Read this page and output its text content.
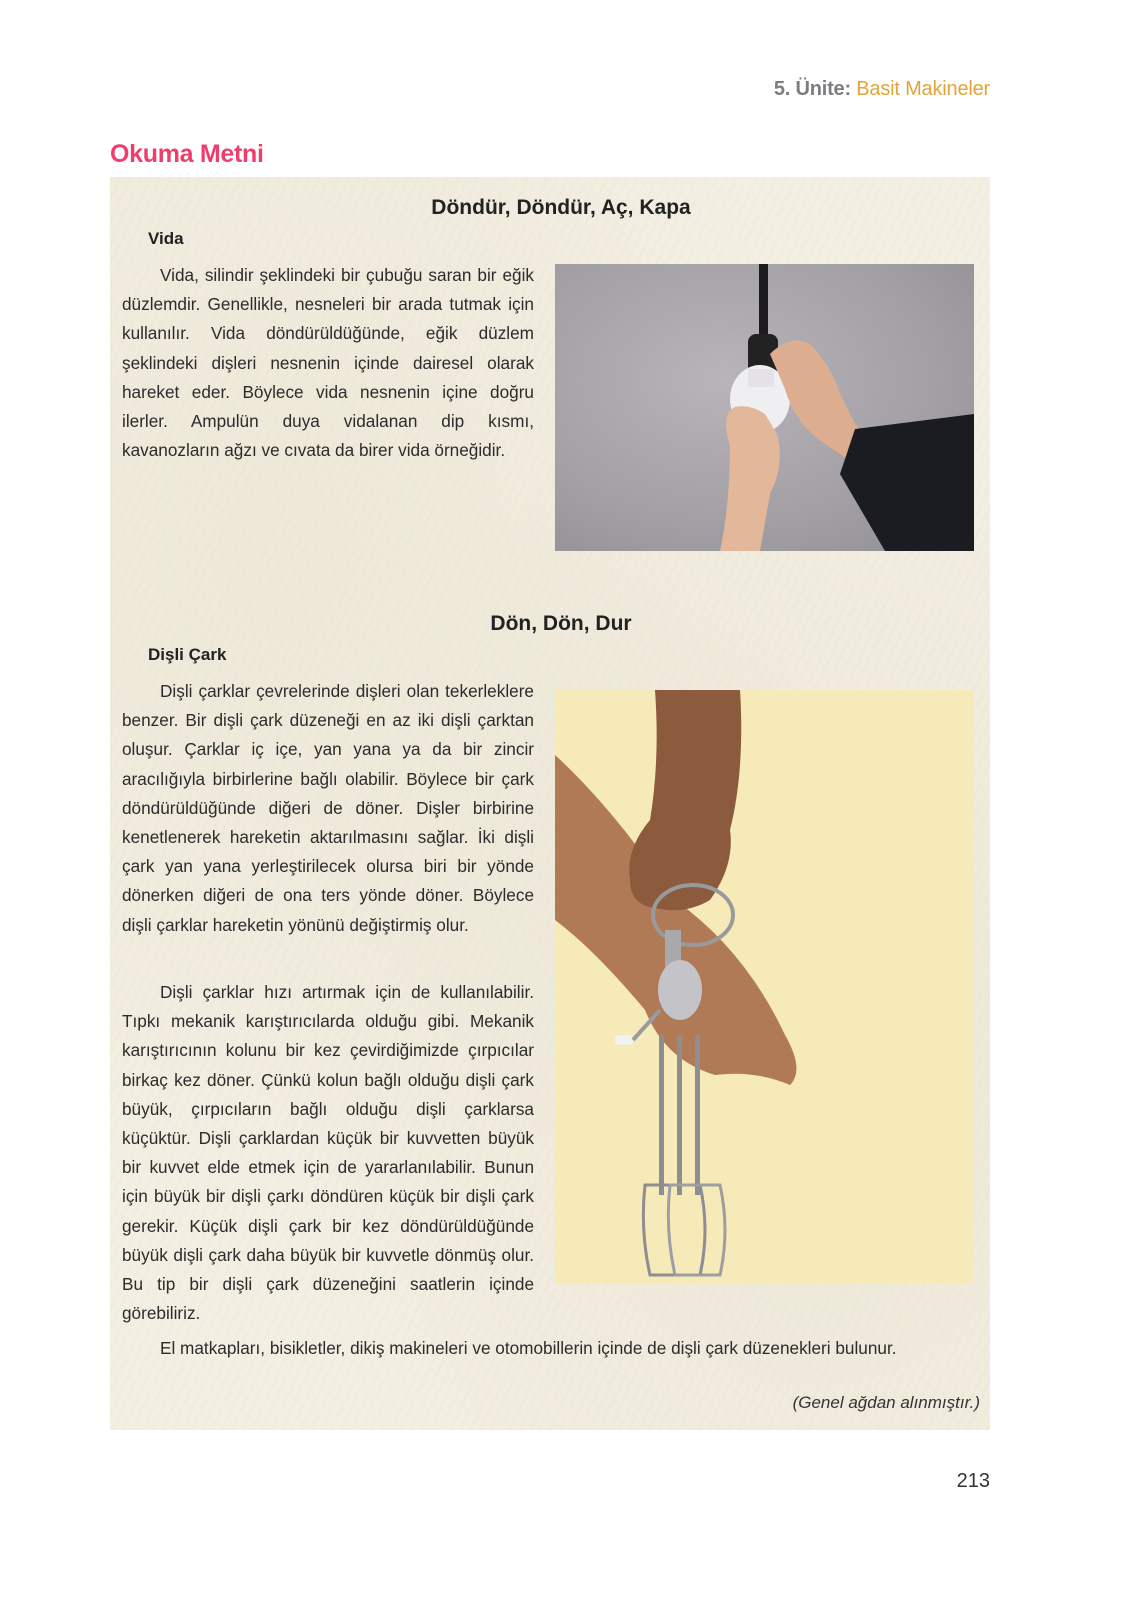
5. Ünite: Basit Makineler
Okuma Metni
Döndür, Döndür, Aç, Kapa
Vida

Vida, silindir şeklindeki bir çubuğu saran bir eğik düzlemdir. Genellikle, nesneleri bir arada tutmak için kullanılır. Vida döndürüldüğünde, eğik düzlem şeklindeki dişleri nesnenin içinde dairesel olarak hareket eder. Böylece vida nesnenin içine doğru ilerler. Ampulün duya vidalanan dip kısmı, kavanozların ağzı ve cıvata da birer vida örneğidir.

Dön, Dön, Dur
Dişli Çark

Dişli çarklar çevrelerinde dişleri olan tekerleklere benzer. Bir dişli çark düzeneği en az iki dişli çarktan oluşur. Çarklar iç içe, yan yana ya da bir zincir aracılığıyla birbirlerine bağlı olabilir. Böylece bir çark döndürüldüğünde diğeri de döner. Dişler birbirine kenetlenerek hareketin aktarılmasını sağlar. İki dişli çark yan yana yerleştirilecek olursa biri bir yönde dönerken diğeri de ona ters yönde döner. Böylece dişli çarklar hareketin yönünü değiştirmiş olur.

Dişli çarklar hızı artırmak için de kullanılabilir. Tıpkı mekanik karıştırıcılarda olduğu gibi. Mekanik karıştırıcının kolunu bir kez çevirdiğimizde çırpıcılar birkaç kez döner. Çünkü kolun bağlı olduğu dişli çark büyük, çırpıcıların bağlı olduğu dişli çarklarsa küçüktür. Dişli çarklardan küçük bir kuvvetten büyük bir kuvvet elde etmek için de yararlanılabilir. Bunun için büyük bir dişli çarkı döndüren küçük bir dişli çark gerekir. Küçük dişli çark bir kez döndürüldüğünde büyük dişli çark daha büyük bir kuvvetle dönmüş olur. Bu tip bir dişli çark düzeneğini saatlerin içinde görebiliriz.

El matkapları, bisikletler, dikiş makineleri ve otomobillerin içinde de dişli çark düzenekleri bulunur.

(Genel ağdan alınmıştır.)
213
